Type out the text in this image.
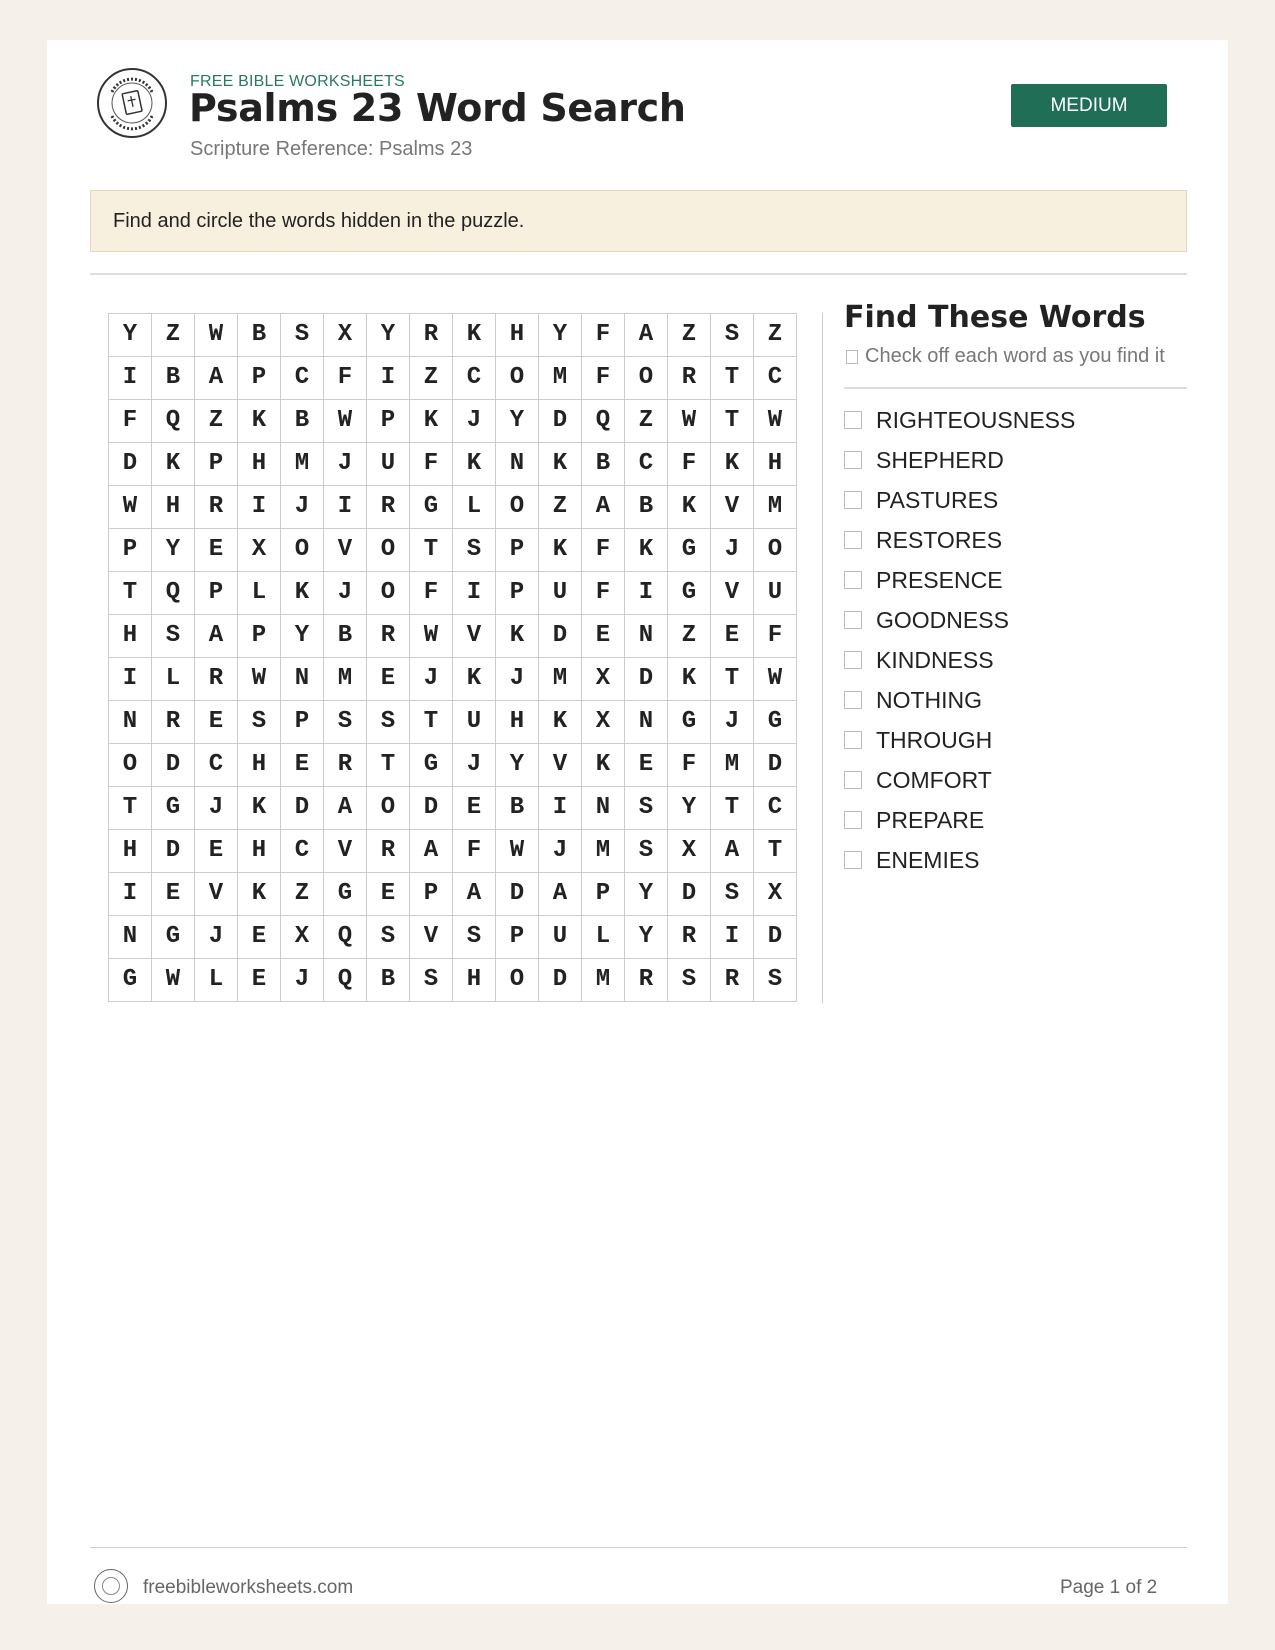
FREE BIBLE WORKSHEETS
Psalms 23 Word Search
Scripture Reference: Psalms 23
MEDIUM
Find and circle the words hidden in the puzzle.
Y	Z	W	B	S	X	Y	R	K	H	Y	F	A	Z	S	Z
I	B	A	P	C	F	I	Z	C	O	M	F	O	R	T	C
F	Q	Z	K	B	W	P	K	J	Y	D	Q	Z	W	T	W
D	K	P	H	M	J	U	F	K	N	K	B	C	F	K	H
W	H	R	I	J	I	R	G	L	O	Z	A	B	K	V	M
P	Y	E	X	O	V	O	T	S	P	K	F	K	G	J	O
T	Q	P	L	K	J	O	F	I	P	U	F	I	G	V	U
H	S	A	P	Y	B	R	W	V	K	D	E	N	Z	E	F
I	L	R	W	N	M	E	J	K	J	M	X	D	K	T	W
N	R	E	S	P	S	S	T	U	H	K	X	N	G	J	G
O	D	C	H	E	R	T	G	J	Y	V	K	E	F	M	D
T	G	J	K	D	A	O	D	E	B	I	N	S	Y	T	C
H	D	E	H	C	V	R	A	F	W	J	M	S	X	A	T
I	E	V	K	Z	G	E	P	A	D	A	P	Y	D	S	X
N	G	J	E	X	Q	S	V	S	P	U	L	Y	R	I	D
G	W	L	E	J	Q	B	S	H	O	D	M	R	S	R	S
Find These Words
Check off each word as you find it
RIGHTEOUSNESS
SHEPHERD
PASTURES
RESTORES
PRESENCE
GOODNESS
KINDNESS
NOTHING
THROUGH
COMFORT
PREPARE
ENEMIES
freebibleworksheets.com	Page 1 of 2
